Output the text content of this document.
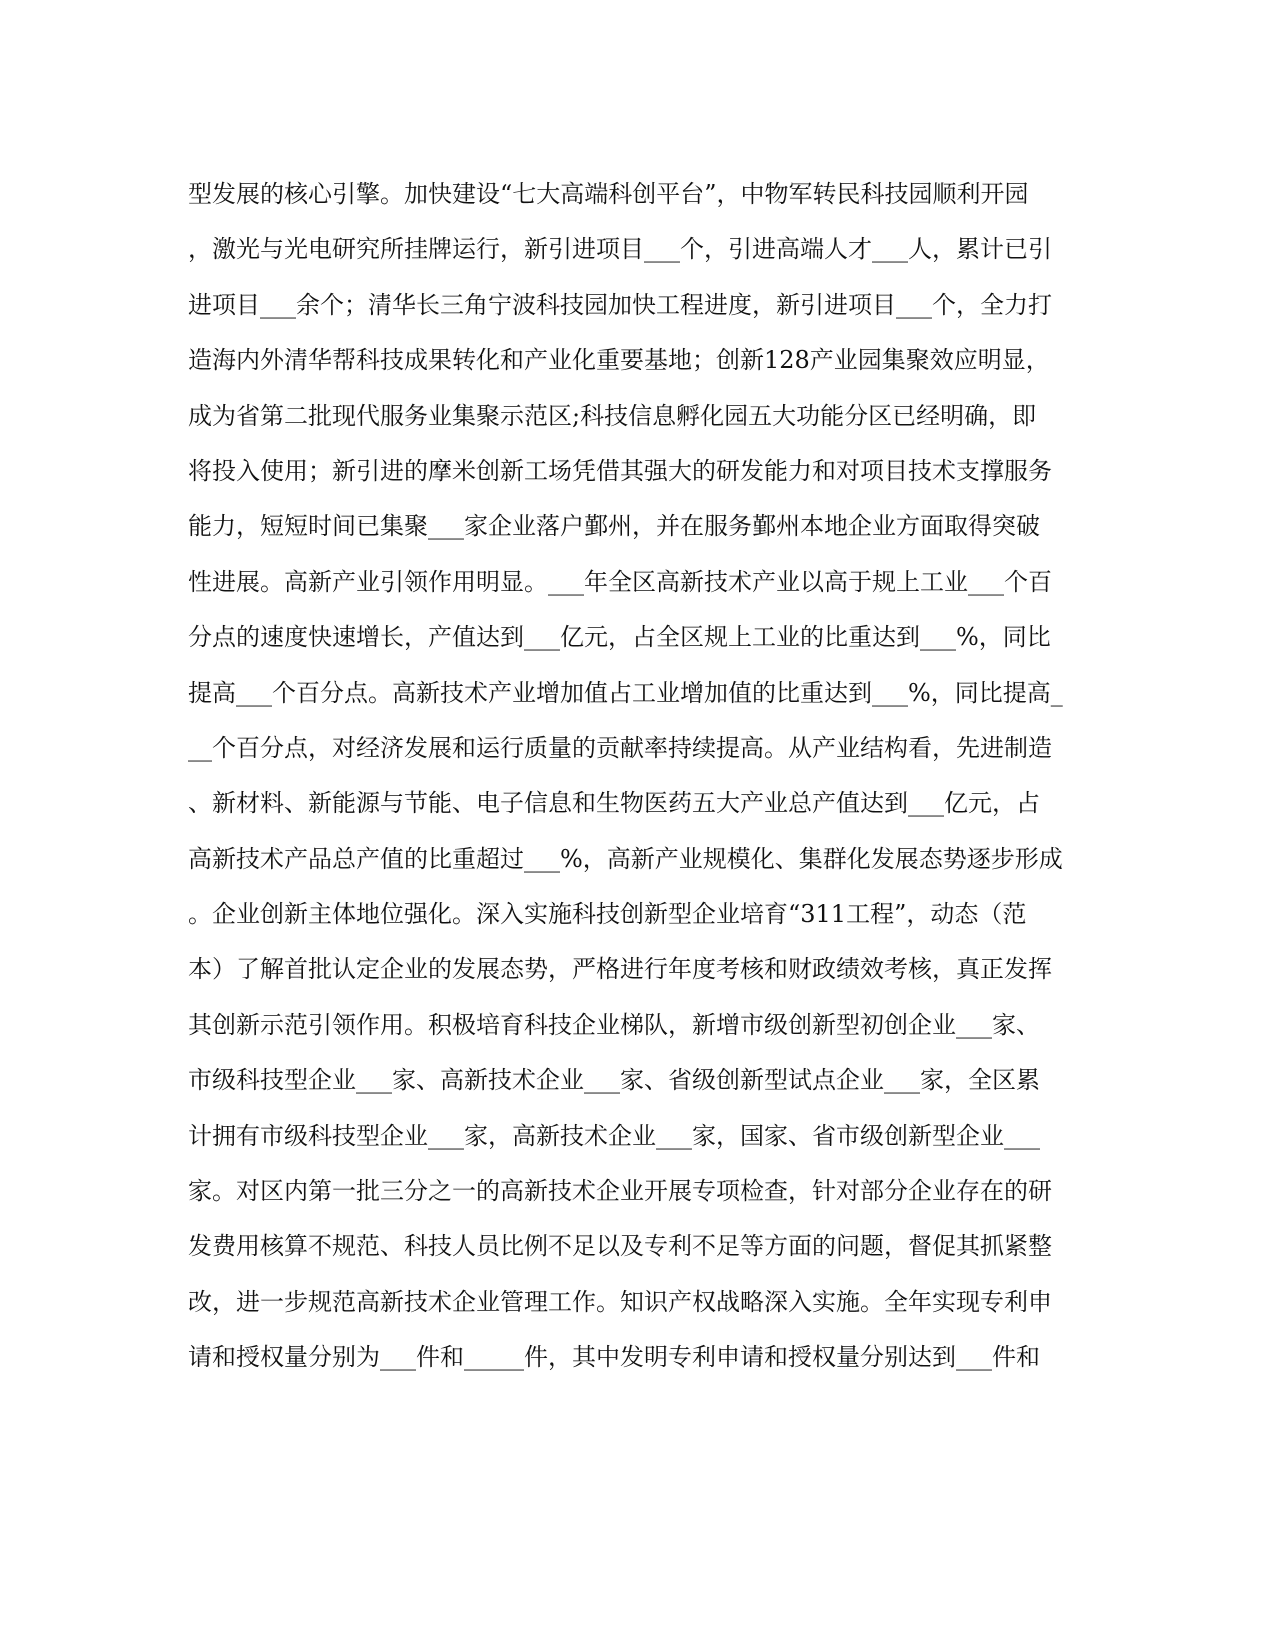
型发展的核心引擎。加快建设“七大高端科创平台”，中物军转民科技园顺利开园
，激光与光电研究所挂牌运行，新引进项目___个，引进高端人才___人，累计已引
进项目___余个；清华长三角宁波科技园加快工程进度，新引进项目___个，全力打
造海内外清华帮科技成果转化和产业化重要基地；创新128产业园集聚效应明显，
成为省第二批现代服务业集聚示范区;科技信息孵化园五大功能分区已经明确，即
将投入使用；新引进的摩米创新工场凭借其强大的研发能力和对项目技术支撑服务
能力，短短时间已集聚___家企业落户鄞州，并在服务鄞州本地企业方面取得突破
性进展。高新产业引领作用明显。___年全区高新技术产业以高于规上工业___个百
分点的速度快速增长，产值达到___亿元，占全区规上工业的比重达到___%，同比
提高___个百分点。高新技术产业增加值占工业增加值的比重达到___%，同比提高_
__个百分点，对经济发展和运行质量的贡献率持续提高。从产业结构看，先进制造
、新材料、新能源与节能、电子信息和生物医药五大产业总产值达到___亿元，占
高新技术产品总产值的比重超过___%，高新产业规模化、集群化发展态势逐步形成
。企业创新主体地位强化。深入实施科技创新型企业培育“311工程”，动态（范
本）了解首批认定企业的发展态势，严格进行年度考核和财政绩效考核，真正发挥
其创新示范引领作用。积极培育科技企业梯队，新增市级创新型初创企业___家、
市级科技型企业___家、高新技术企业___家、省级创新型试点企业___家，全区累
计拥有市级科技型企业___家，高新技术企业___家，国家、省市级创新型企业___
家。对区内第一批三分之一的高新技术企业开展专项检查，针对部分企业存在的研
发费用核算不规范、科技人员比例不足以及专利不足等方面的问题，督促其抓紧整
改，进一步规范高新技术企业管理工作。知识产权战略深入实施。全年实现专利申
请和授权量分别为___件和_____件，其中发明专利申请和授权量分别达到___件和
